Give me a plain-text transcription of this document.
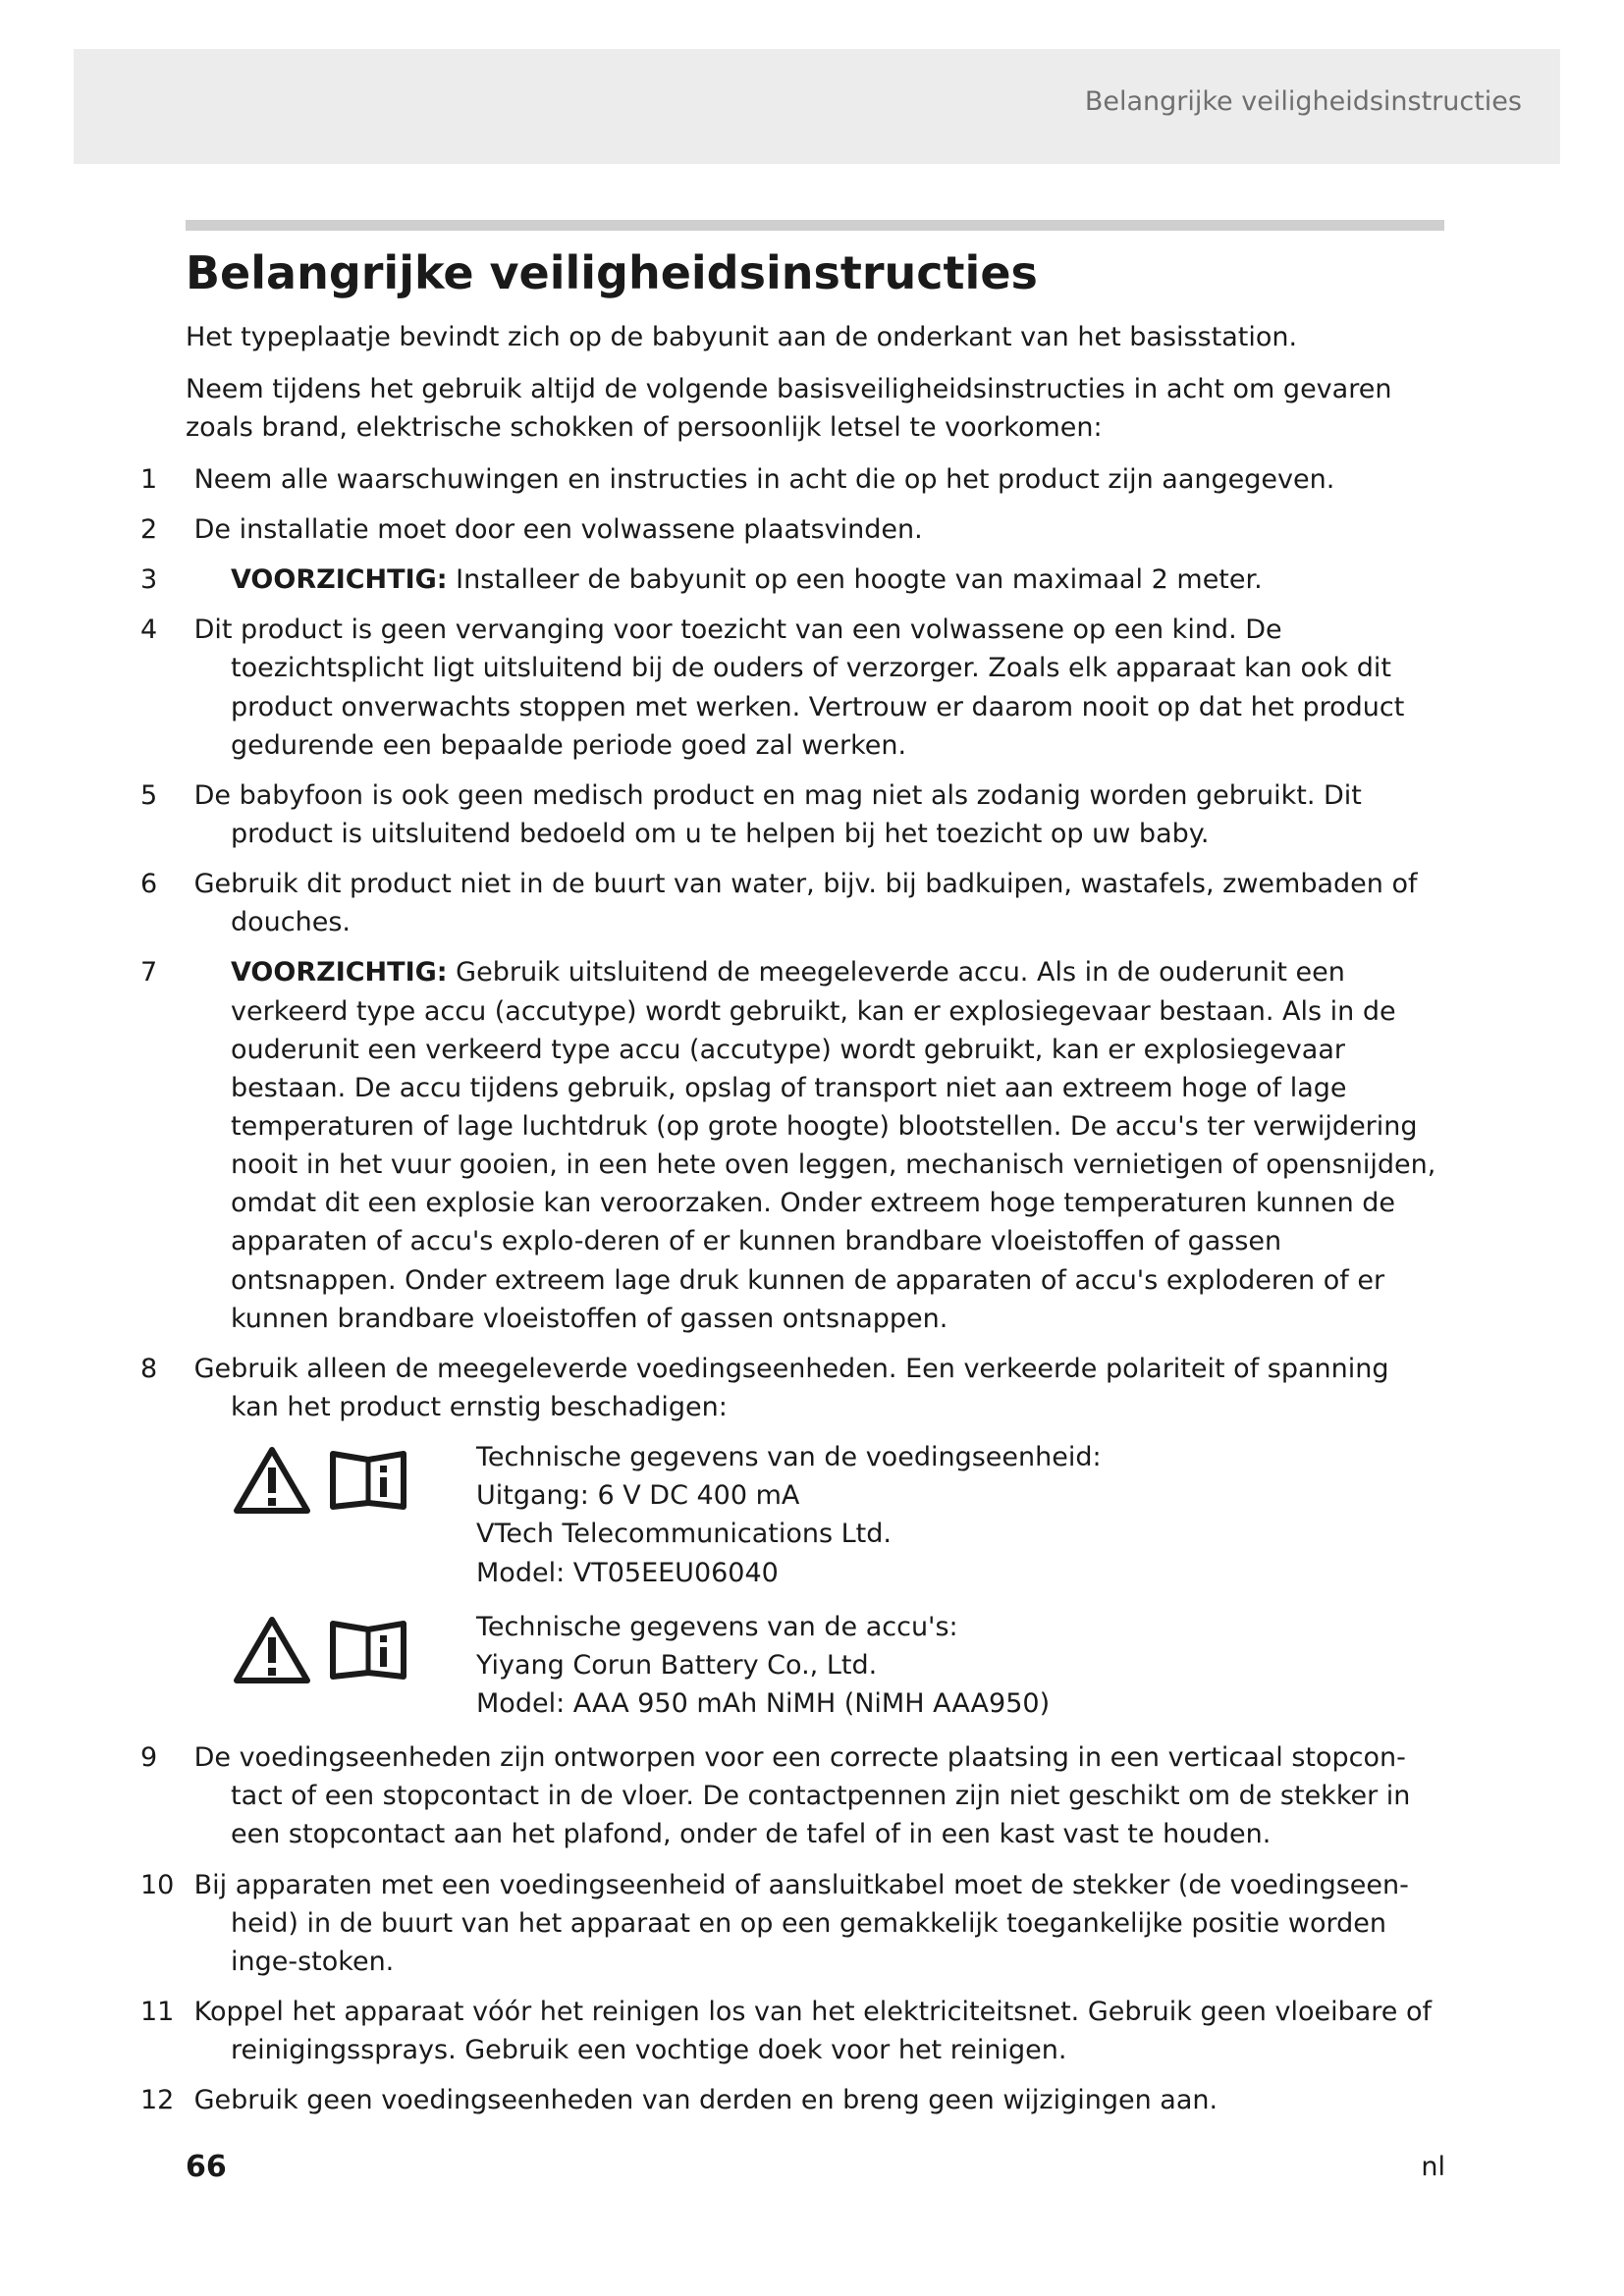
Belangrijke veiligheidsinstructies
Belangrijke veiligheidsinstructies

Het typeplaatje bevindt zich op de babyunit aan de onderkant van het basisstation.

Neem tijdens het gebruik altijd de volgende basisveiligheidsinstructies in acht om gevaren zoals brand, elektrische schokken of persoonlijk letsel te voorkomen:

1 Neem alle waarschuwingen en instructies in acht die op het product zijn aangegeven.
2 De installatie moet door een volwassene plaatsvinden.
3	VOORZICHTIG: Installeer de babyunit op een hoogte van maximaal 2 meter.
4 Dit product is geen vervanging voor toezicht van een volwassene op een kind. De toezichtsplicht ligt uitsluitend bij de ouders of verzorger. Zoals elk apparaat kan ook dit product onverwachts stoppen met werken. Vertrouw er daarom nooit op dat het product gedurende een bepaalde periode goed zal werken.
5 De babyfoon is ook geen medisch product en mag niet als zodanig worden gebruikt. Dit product is uitsluitend bedoeld om u te helpen bij het toezicht op uw baby.
6 Gebruik dit product niet in de buurt van water, bijv. bij badkuipen, wastafels, zwembaden of douches.
7	VOORZICHTIG: Gebruik uitsluitend de meegeleverde accu. Als in de ouderunit een verkeerd type accu (accutype) wordt gebruikt, kan er explosiegevaar bestaan. Als in de ouderunit een verkeerd type accu (accutype) wordt gebruikt, kan er explosiegevaar bestaan. De accu tijdens gebruik, opslag of transport niet aan extreem hoge of lage temperaturen of lage luchtdruk (op grote hoogte) blootstellen. De accu's ter verwijdering nooit in het vuur gooien, in een hete oven leggen, mechanisch vernietigen of opensnijden, omdat dit een explosie kan veroorzaken. Onder extreem hoge temperaturen kunnen de apparaten of accu's explo-deren of er kunnen brandbare vloeistoffen of gassen ontsnappen. Onder extreem lage druk kunnen de apparaten of accu's exploderen of er kunnen brandbare vloeistoffen of gassen ontsnappen.
8 Gebruik alleen de meegeleverde voedingseenheden. Een verkeerde polariteit of spanning kan het product ernstig beschadigen:
Technische gegevens van de voedingseenheid:
Uitgang: 6 V DC 400 mA
VTech Telecommunications Ltd.
Model: VT05EEU06040
Technische gegevens van de accu's:
Yiyang Corun Battery Co., Ltd.
Model: AAA 950 mAh NiMH (NiMH AAA950)
9 De voedingseenheden zijn ontworpen voor een correcte plaatsing in een verticaal stopcon-tact of een stopcontact in de vloer. De contactpennen zijn niet geschikt om de stekker in een stopcontact aan het plafond, onder de tafel of in een kast vast te houden.
10 Bij apparaten met een voedingseenheid of aansluitkabel moet de stekker (de voedingseen-heid) in de buurt van het apparaat en op een gemakkelijk toegankelijke positie worden inge-stoken.
11 Koppel het apparaat vóór het reinigen los van het elektriciteitsnet. Gebruik geen vloeibare of reinigingssprays. Gebruik een vochtige doek voor het reinigen.
12 Gebruik geen voedingseenheden van derden en breng geen wijzigingen aan.
66	nl
